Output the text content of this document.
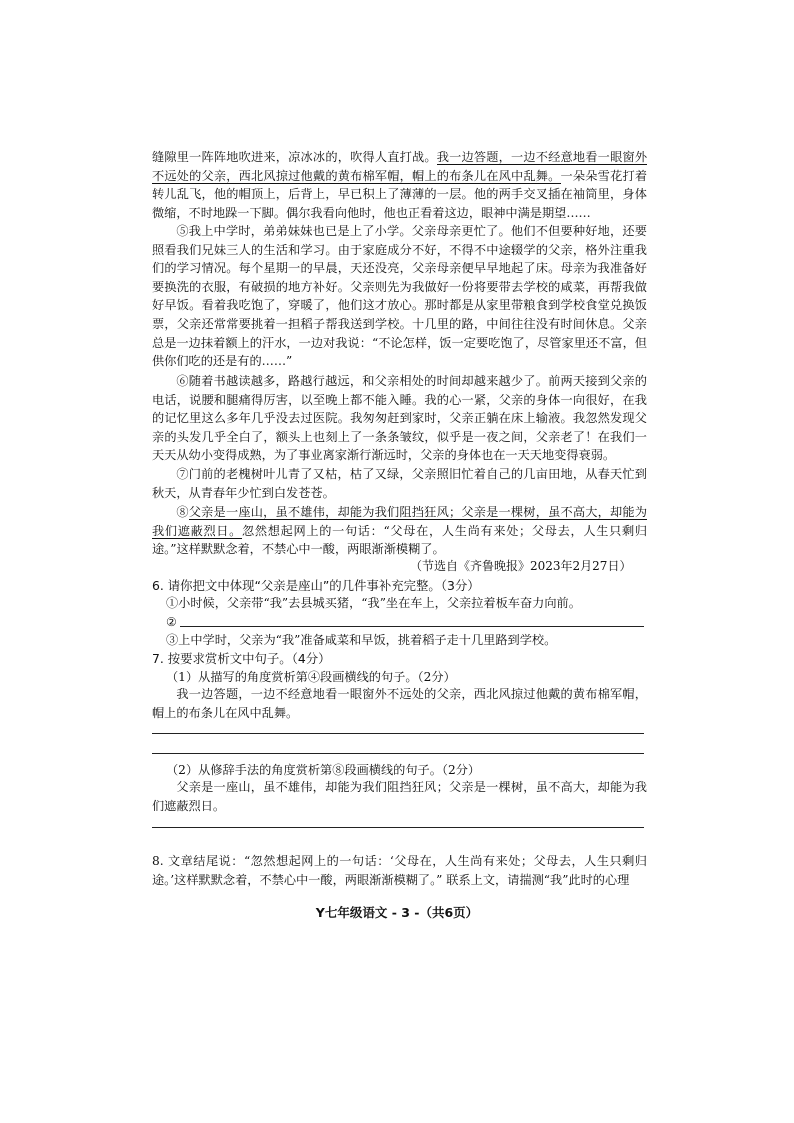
缝隙里一阵阵地吹进来，凉冰冰的，吹得人直打战。我一边答题，一边不经意地看一眼窗外不远处的父亲，西北风掠过他戴的黄布棉军帽，帽上的布条儿在风中乱舞。一朵朵雪花打着转儿乱飞，他的帽顶上，后背上，早已积上了薄薄的一层。他的两手交叉插在袖筒里，身体微缩，不时地跺一下脚。偶尔我看向他时，他也正看着这边，眼神中满是期望……

⑤我上中学时，弟弟妹妹也已是上了小学。父亲母亲更忙了。他们不但要种好地，还要照看我们兄妹三人的生活和学习。由于家庭成分不好，不得不中途辍学的父亲，格外注重我们的学习情况。每个星期一的早晨，天还没亮，父亲母亲便早早地起了床。母亲为我准备好要换洗的衣服，有破损的地方补好。父亲则先为我做好一份将要带去学校的咸菜，再帮我做好早饭。看着我吃饱了，穿暖了，他们这才放心。那时都是从家里带粮食到学校食堂兑换饭票，父亲还常常要挑着一担稻子帮我送到学校。十几里的路，中间往往没有时间休息。父亲总是一边抹着额上的汗水，一边对我说：“不论怎样，饭一定要吃饱了，尽管家里还不富，但供你们吃的还是有的……”

⑥随着书越读越多，路越行越远，和父亲相处的时间却越来越少了。前两天接到父亲的电话，说腰和腿痛得厉害，以至晚上都不能入睡。我的心一紧，父亲的身体一向很好，在我的记忆里这么多年几乎没去过医院。我匆匆赶到家时，父亲正躺在床上输液。我忽然发现父亲的头发几乎全白了，额头上也刻上了一条条皱纹，似乎是一夜之间，父亲老了！在我们一天天从幼小变得成熟，为了事业离家渐行渐远时，父亲的身体也在一天天地变得衰弱。

⑦门前的老槐树叶儿青了又枯，枯了又绿，父亲照旧忙着自己的几亩田地，从春天忙到秋天，从青春年少忙到白发苍苍。

⑧父亲是一座山，虽不雄伟，却能为我们阻挡狂风；父亲是一棵树，虽不高大，却能为我们遮蔽烈日。忽然想起网上的一句话：“父母在，人生尚有来处；父母去，人生只剩归途。”这样默默念着，不禁心中一酸，两眼渐渐模糊了。

（节选自《齐鲁晚报》2023年2月27日）
6. 请你把文中体现“父亲是座山”的几件事补充完整。（3分）
①小时候，父亲带“我”去县城买猪，“我”坐在车上，父亲拉着板车奋力向前。
②
③上中学时，父亲为“我”准备咸菜和早饭，挑着稻子走十几里路到学校。
7. 按要求赏析文中句子。（4分）
（1）从描写的角度赏析第④段画横线的句子。（2分）

我一边答题，一边不经意地看一眼窗外不远处的父亲，西北风掠过他戴的黄布棉军帽，帽上的布条儿在风中乱舞。

（2）从修辞手法的角度赏析第⑧段画横线的句子。（2分）

父亲是一座山，虽不雄伟，却能为我们阻挡狂风；父亲是一棵树，虽不高大，却能为我们遮蔽烈日。

8. 文章结尾说：“忽然想起网上的一句话：‘父母在，人生尚有来处；父母去，人生只剩归途。’这样默默念着，不禁心中一酸，两眼渐渐模糊了。” 联系上文，请揣测“我”此时的心理

Y七年级语文 - 3 -（共6页）
